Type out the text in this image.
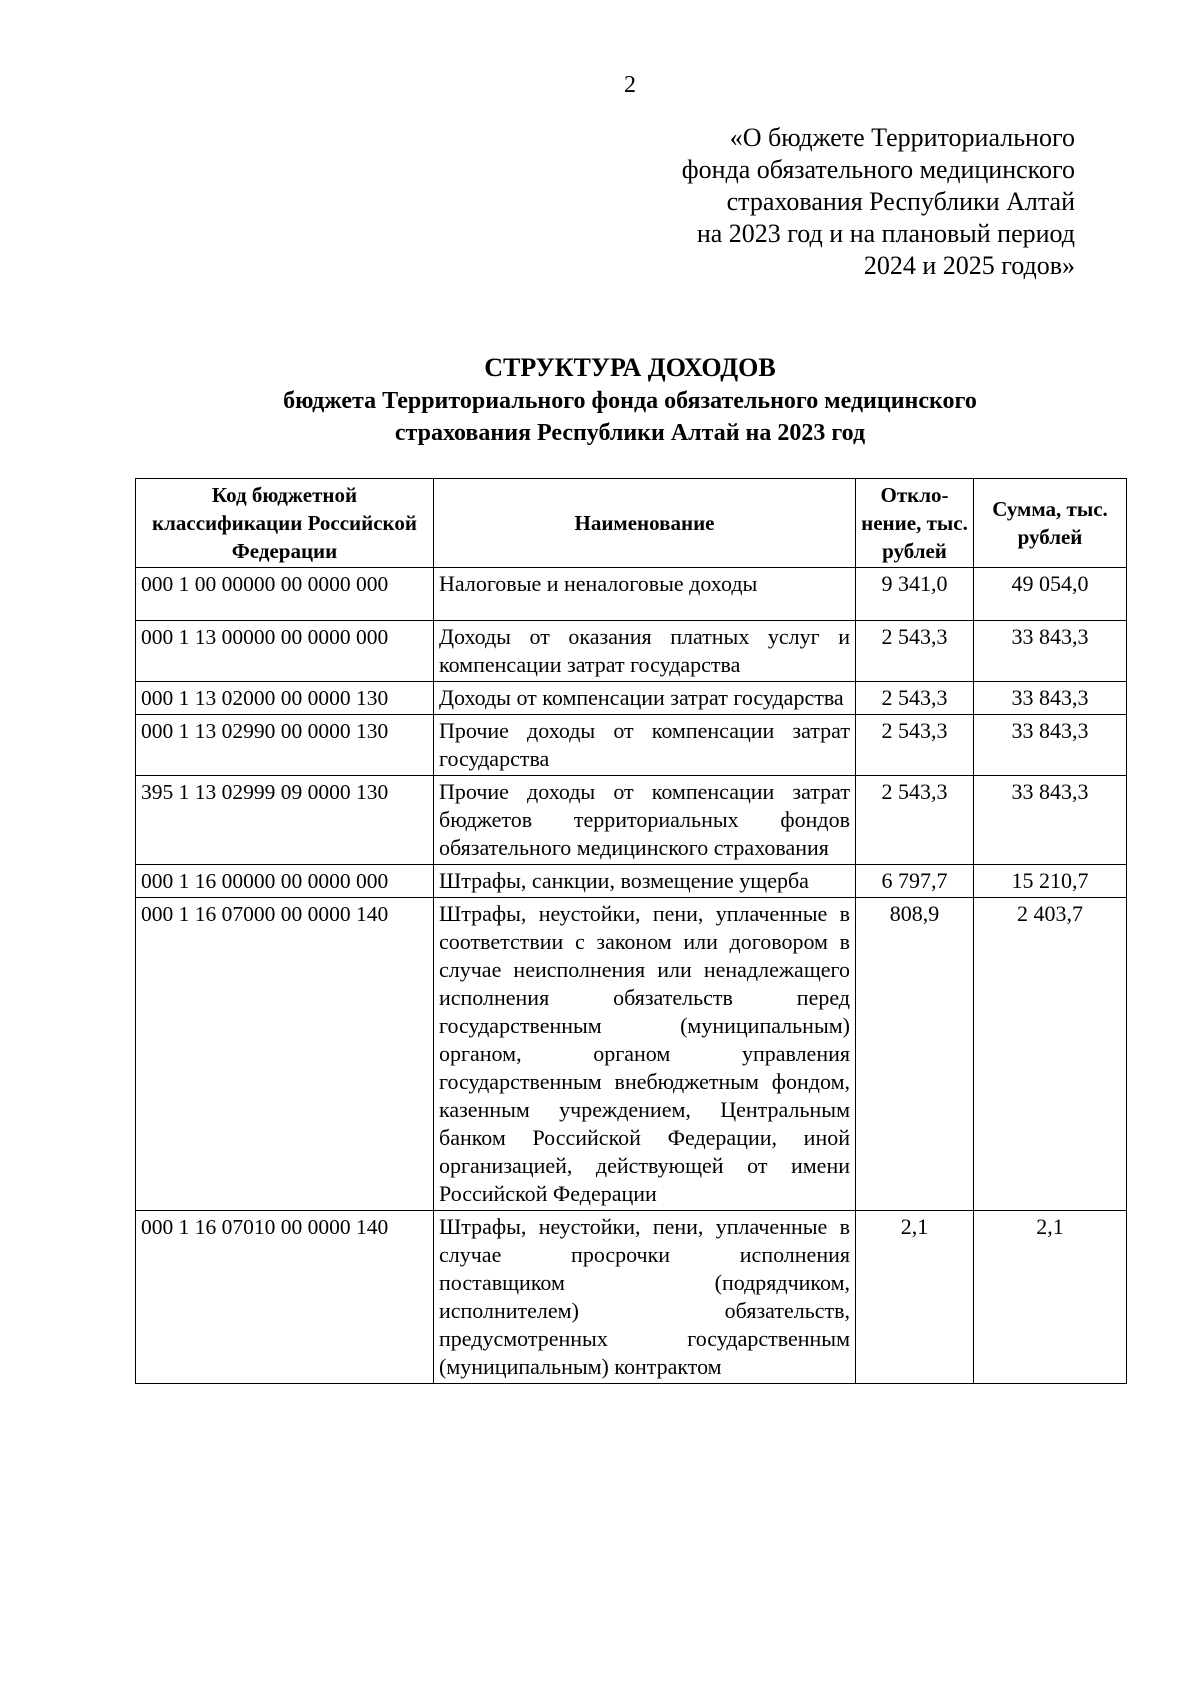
2
«О бюджете Территориального
фонда обязательного медицинского
страхования Республики Алтай
на 2023 год и на плановый период
2024 и 2025 годов»
СТРУКТУРА ДОХОДОВ
бюджета Территориального фонда обязательного медицинского
страхования Республики Алтай на 2023 год
Код бюджетной классификации Российской Федерации	Наименование	Откло-нение, тыс. рублей	Сумма, тыс. рублей
000 1 00 00000 00 0000 000	Налоговые и неналоговые доходы	9 341,0	49 054,0
000 1 13 00000 00 0000 000	Доходы от оказания платных услуг и компенсации затрат государства	2 543,3	33 843,3
000 1 13 02000 00 0000 130	Доходы от компенсации затрат государства	2 543,3	33 843,3
000 1 13 02990 00 0000 130	Прочие доходы от компенсации затрат государства	2 543,3	33 843,3
395 1 13 02999 09 0000 130	Прочие доходы от компенсации затрат бюджетов территориальных фондов обязательного медицинского страхования	2 543,3	33 843,3
000 1 16 00000 00 0000 000	Штрафы, санкции, возмещение ущерба	6 797,7	15 210,7
000 1 16 07000 00 0000 140	Штрафы, неустойки, пени, уплаченные в соответствии с законом или договором в случае неисполнения или ненадлежащего исполнения обязательств перед государственным (муниципальным) органом, органом управления государственным внебюджетным фондом, казенным учреждением, Центральным банком Российской Федерации, иной организацией, действующей от имени Российской Федерации	808,9	2 403,7
000 1 16 07010 00 0000 140	Штрафы, неустойки, пени, уплаченные в случае просрочки исполнения поставщиком (подрядчиком, исполнителем) обязательств, предусмотренных государственным (муниципальным) контрактом	2,1	2,1
